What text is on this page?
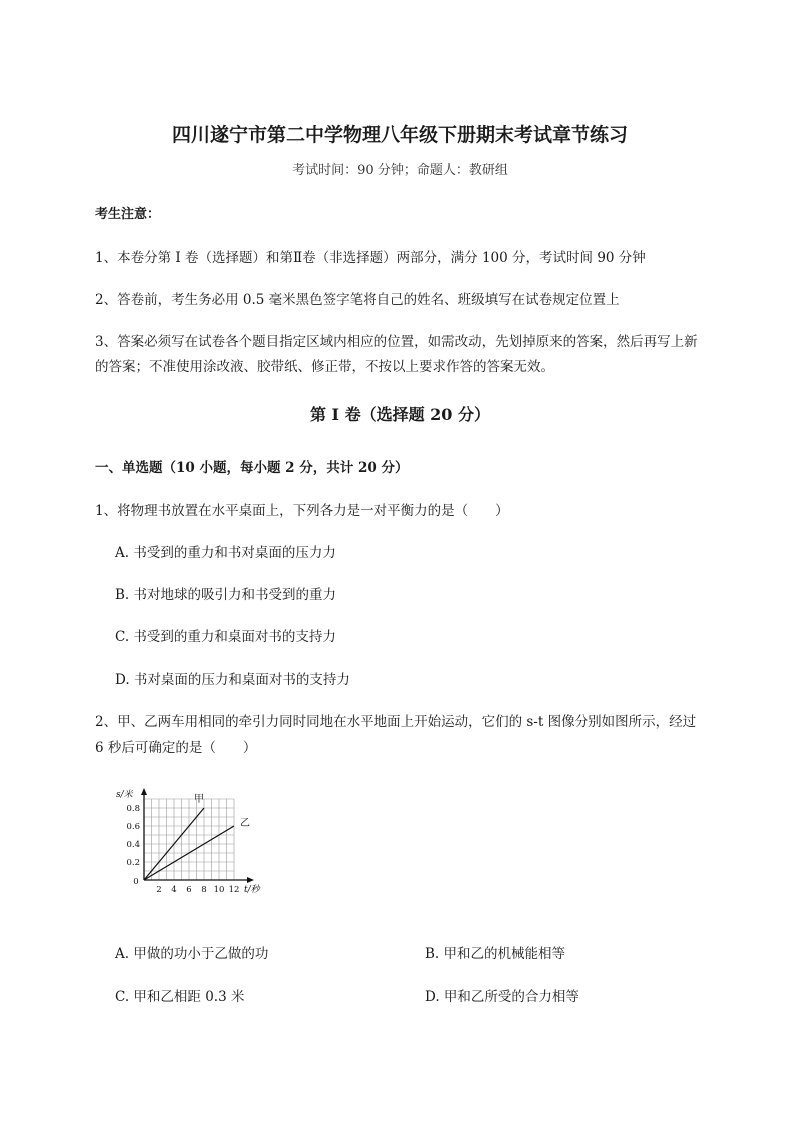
四川遂宁市第二中学物理八年级下册期末考试章节练习
考试时间：90 分钟；命题人：教研组
考生注意：
1、本卷分第 I 卷（选择题）和第Ⅱ卷（非选择题）两部分，满分 100 分，考试时间 90 分钟
2、答卷前，考生务必用 0.5 毫米黑色签字笔将自己的姓名、班级填写在试卷规定位置上
3、答案必须写在试卷各个题目指定区域内相应的位置，如需改动，先划掉原来的答案，然后再写上新
的答案；不准使用涂改液、胶带纸、修正带，不按以上要求作答的答案无效。
第 I 卷（选择题 20 分）
一、单选题（10 小题，每小题 2 分，共计 20 分）
1、将物理书放置在水平桌面上，下列各力是一对平衡力的是（　　）
A. 书受到的重力和书对桌面的压力力
B. 书对地球的吸引力和书受到的重力
C. 书受到的重力和桌面对书的支持力
D. 书对桌面的压力和桌面对书的支持力
2、甲、乙两车用相同的牵引力同时同地在水平地面上开始运动，它们的 s-t 图像分别如图所示，经过
6 秒后可确定的是（　　）
甲
乙
2 4 6 8 10 12
0.2
0.4
0.6
0.8
0
s/米
t/秒
A. 甲做的功小于乙做的功	B. 甲和乙的机械能相等
C. 甲和乙相距 0.3 米	D. 甲和乙所受的合力相等
